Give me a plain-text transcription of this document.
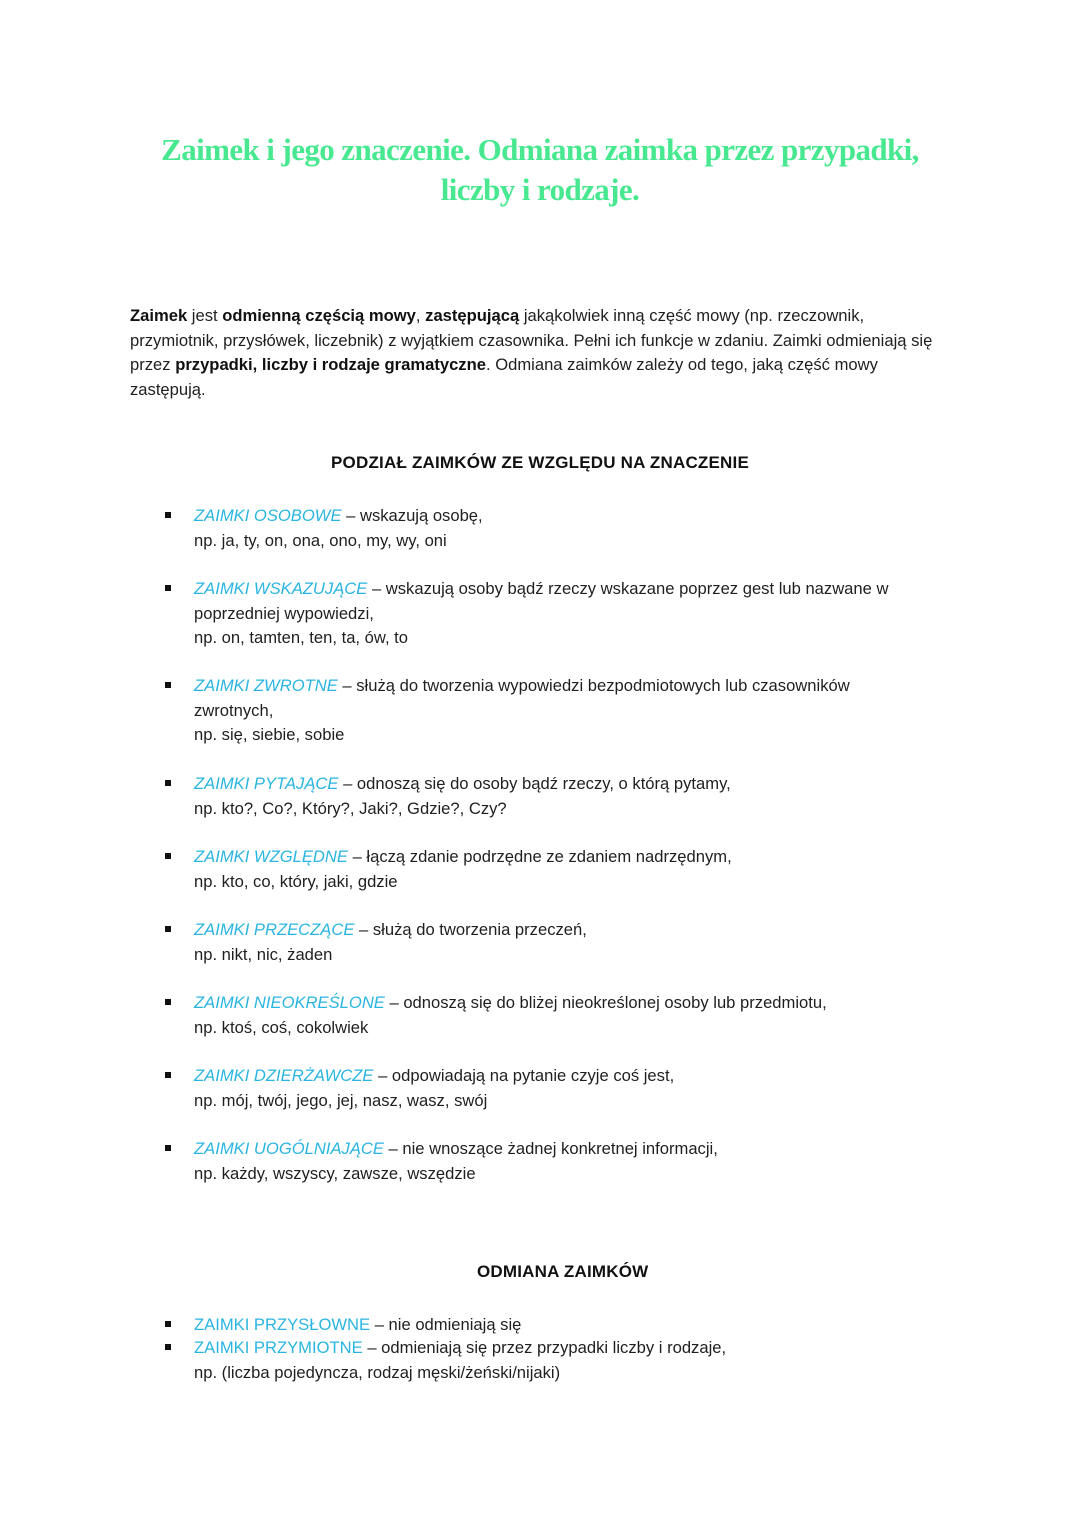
Zaimek i jego znaczenie. Odmiana zaimka przez przypadki,
liczby i rodzaje.
Zaimek jest odmienną częścią mowy, zastępującą jakąkolwiek inną część mowy (np. rzeczownik, przymiotnik, przysłówek, liczebnik) z wyjątkiem czasownika. Pełni ich funkcje w zdaniu. Zaimki odmieniają się przez przypadki, liczby i rodzaje gramatyczne. Odmiana zaimków zależy od tego, jaką część mowy zastępują.
PODZIAŁ ZAIMKÓW ZE WZGLĘDU NA ZNACZENIE
ZAIMKI OSOBOWE – wskazują osobę,
np. ja, ty, on, ona, ono, my, wy, oni
ZAIMKI WSKAZUJĄCE – wskazują osoby bądź rzeczy wskazane poprzez gest lub nazwane w
poprzedniej wypowiedzi,
np. on, tamten, ten, ta, ów, to
ZAIMKI ZWROTNE – służą do tworzenia wypowiedzi bezpodmiotowych lub czasowników
zwrotnych,
np. się, siebie, sobie
ZAIMKI PYTAJĄCE – odnoszą się do osoby bądź rzeczy, o którą pytamy,
np. kto?, Co?, Który?, Jaki?, Gdzie?, Czy?
ZAIMKI WZGLĘDNE – łączą zdanie podrzędne ze zdaniem nadrzędnym,
np. kto, co, który, jaki, gdzie
ZAIMKI PRZECZĄCE – służą do tworzenia przeczeń,
np. nikt, nic, żaden
ZAIMKI NIEOKREŚLONE – odnoszą się do bliżej nieokreślonej osoby lub przedmiotu,
np. ktoś, coś, cokolwiek
ZAIMKI DZIERŻAWCZE – odpowiadają na pytanie czyje coś jest,
np. mój, twój, jego, jej, nasz, wasz, swój
ZAIMKI UOGÓLNIAJĄCE – nie wnoszące żadnej konkretnej informacji,
np. każdy, wszyscy, zawsze, wszędzie
ODMIANA ZAIMKÓW
ZAIMKI PRZYSŁOWNE – nie odmieniają się
ZAIMKI PRZYMIOTNE – odmieniają się przez przypadki liczby i rodzaje,
np. (liczba pojedyncza, rodzaj męski/żeński/nijaki)
